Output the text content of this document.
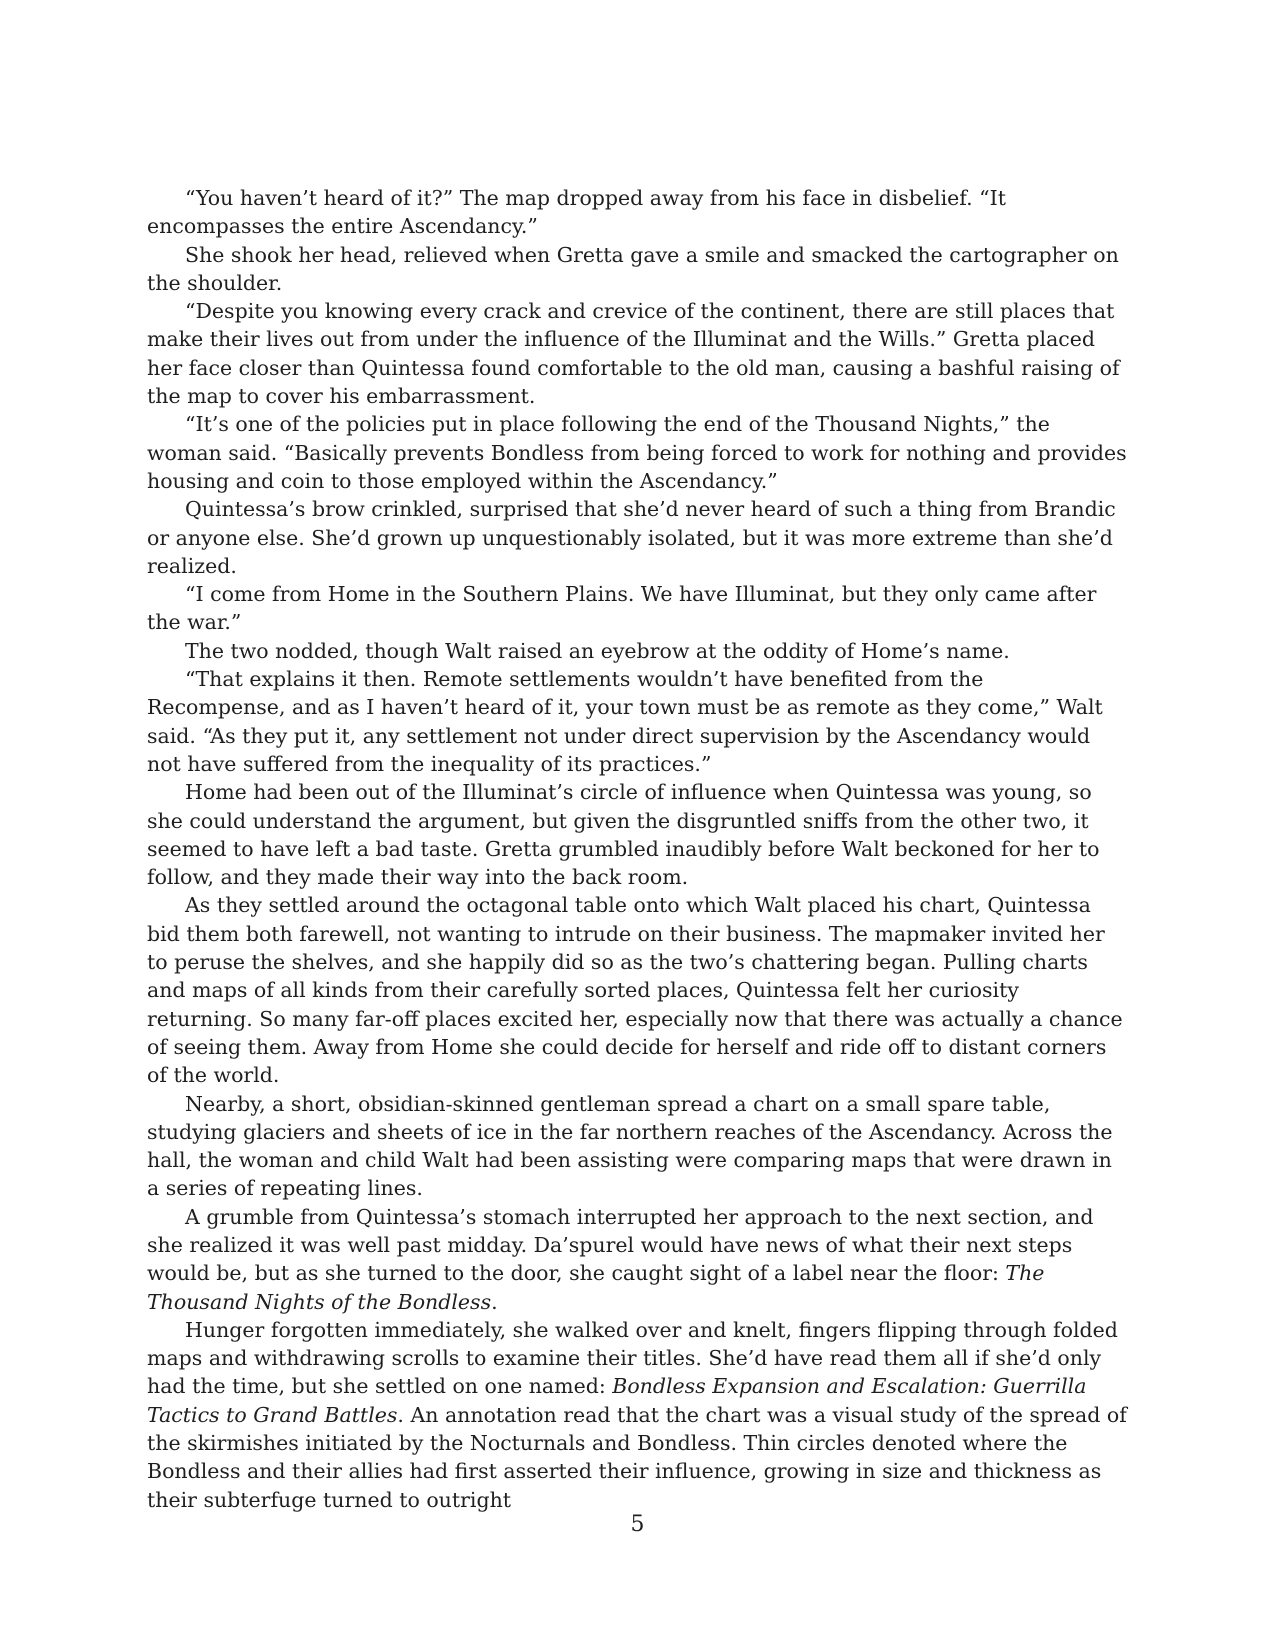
“You haven’t heard of it?” The map dropped away from his face in disbelief. “It encompasses the entire Ascendancy.”

She shook her head, relieved when Gretta gave a smile and smacked the cartographer on the shoulder.

“Despite you knowing every crack and crevice of the continent, there are still places that make their lives out from under the influence of the Illuminat and the Wills.” Gretta placed her face closer than Quintessa found comfortable to the old man, causing a bashful raising of the map to cover his embarrassment.

“It’s one of the policies put in place following the end of the Thousand Nights,” the woman said. “Basically prevents Bondless from being forced to work for nothing and provides housing and coin to those employed within the Ascendancy.”

Quintessa’s brow crinkled, surprised that she’d never heard of such a thing from Brandic or anyone else. She’d grown up unquestionably isolated, but it was more extreme than she’d realized.

“I come from Home in the Southern Plains. We have Illuminat, but they only came after the war.”

The two nodded, though Walt raised an eyebrow at the oddity of Home’s name.

“That explains it then. Remote settlements wouldn’t have benefited from the Recompense, and as I haven’t heard of it, your town must be as remote as they come,” Walt said. “As they put it, any settlement not under direct supervision by the Ascendancy would not have suffered from the inequality of its practices.”

Home had been out of the Illuminat’s circle of influence when Quintessa was young, so she could understand the argument, but given the disgruntled sniffs from the other two, it seemed to have left a bad taste. Gretta grumbled inaudibly before Walt beckoned for her to follow, and they made their way into the back room.

As they settled around the octagonal table onto which Walt placed his chart, Quintessa bid them both farewell, not wanting to intrude on their business. The mapmaker invited her to peruse the shelves, and she happily did so as the two’s chattering began. Pulling charts and maps of all kinds from their carefully sorted places, Quintessa felt her curiosity returning. So many far-off places excited her, especially now that there was actually a chance of seeing them. Away from Home she could decide for herself and ride off to distant corners of the world.

Nearby, a short, obsidian-skinned gentleman spread a chart on a small spare table, studying glaciers and sheets of ice in the far northern reaches of the Ascendancy. Across the hall, the woman and child Walt had been assisting were comparing maps that were drawn in a series of repeating lines.

A grumble from Quintessa’s stomach interrupted her approach to the next section, and she realized it was well past midday. Da’spurel would have news of what their next steps would be, but as she turned to the door, she caught sight of a label near the floor: The Thousand Nights of the Bondless.

Hunger forgotten immediately, she walked over and knelt, fingers flipping through folded maps and withdrawing scrolls to examine their titles. She’d have read them all if she’d only had the time, but she settled on one named: Bondless Expansion and Escalation: Guerrilla Tactics to Grand Battles. An annotation read that the chart was a visual study of the spread of the skirmishes initiated by the Nocturnals and Bondless. Thin circles denoted where the Bondless and their allies had first asserted their influence, growing in size and thickness as their subterfuge turned to outright

5
